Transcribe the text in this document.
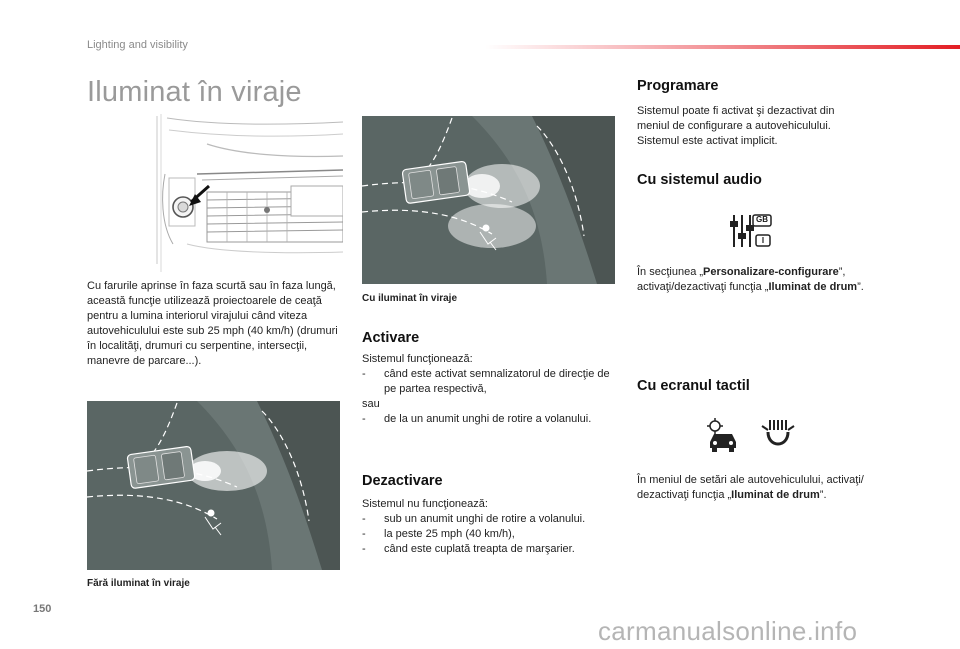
Lighting and visibility
Iluminat în viraje
Cu farurile aprinse în faza scurtă sau în faza lungă, această funcţie utilizează proiectoarele de ceaţă pentru a lumina interiorul virajului când viteza autovehiculului este sub 25 mph (40 km/h) (drumuri în localităţi, drumuri cu serpentine, intersecţii, manevre de parcare...).
Cu iluminat în viraje
Fără iluminat în viraje
Activare
Sistemul funcţionează:
- când este activat semnalizatorul de direcţie de pe partea respectivă,
sau
- de la un anumit unghi de rotire a volanului.
Dezactivare
Sistemul nu funcţionează:
- sub un anumit unghi de rotire a volanului.
- la peste 25 mph (40 km/h),
- când este cuplată treapta de marşarier.
Programare
Sistemul poate fi activat şi dezactivat din meniul de configurare a autovehiculului. Sistemul este activat implicit.
Cu sistemul audio
GB
I
În secţiunea „Personalizare-configurare”, activaţi/dezactivaţi funcţia „Iluminat de drum”.
Cu ecranul tactil
În meniul de setări ale autovehiculului, activaţi/ dezactivaţi funcţia „Iluminat de drum”.
150
carmanualsonline.info
